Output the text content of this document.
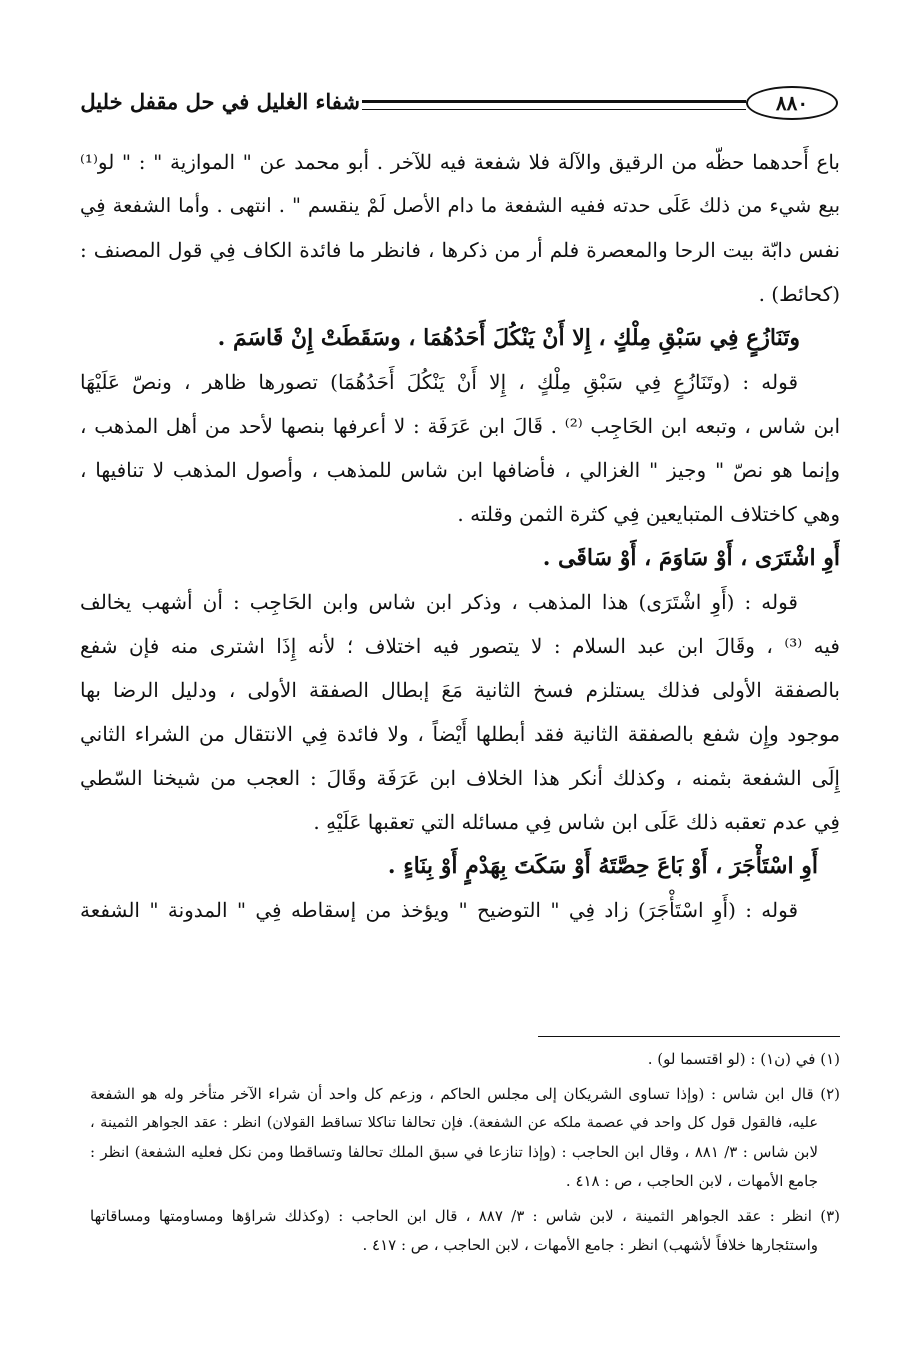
٨٨٠
شفاء الغليل في حل مقفل خليل
باع أَحدهما حظّه من الرقيق والآلة فلا شفعة فيه للآخر . أبو محمد عن " الموازية " : " لو⁽¹⁾
بيع شيء من ذلك عَلَى حدته ففيه الشفعة ما دام الأصل لَمْ ينقسم " . انتهى . وأما الشفعة فِي
نفس دابّة بيت الرحا والمعصرة فلم أر من ذكرها ، فانظر ما فائدة الكاف فِي قول المصنف :
(كحائط) .
وتَنَازُعٍ فِي سَبْقِ مِلْكٍ ، إِلا أَنْ يَنْكُلَ أَحَدُهُمَا ، وسَقَطَتْ إِنْ قَاسَمَ .
قوله : (وتَنَازُعٍ فِي سَبْقِ مِلْكٍ ، إِلا أَنْ يَنْكُلَ أَحَدُهُمَا) تصورها ظاهر ، ونصّ عَلَيْهَا
ابن شاس ، وتبعه ابن الحَاجِب ⁽²⁾ . قَالَ ابن عَرَفَة : لا أعرفها بنصها لأحد من أهل المذهب ،
وإنما هو نصّ " وجيز " الغزالي ، فأضافها ابن شاس للمذهب ، وأصول المذهب لا تنافيها ،
وهي كاختلاف المتبايعين فِي كثرة الثمن وقلته .
أَوِ اشْتَرَى ، أَوْ سَاوَمَ ، أَوْ سَاقَى .
قوله : (أَوِ اشْتَرَى) هذا المذهب ، وذكر ابن شاس وابن الحَاجِب : أن أشهب يخالف
فيه ⁽³⁾ ، وقَالَ ابن عبد السلام : لا يتصور فيه اختلاف ؛ لأنه إِذَا اشترى منه فإن شفع
بالصفقة الأولى فذلك يستلزم فسخ الثانية مَعَ إبطال الصفقة الأولى ، ودليل الرضا بها
موجود وإِن شفع بالصفقة الثانية فقد أبطلها أَيْضاً ، ولا فائدة فِي الانتقال من الشراء الثاني
إِلَى الشفعة بثمنه ، وكذلك أنكر هذا الخلاف ابن عَرَفَة وقَالَ : العجب من شيخنا السّطي
فِي عدم تعقبه ذلك عَلَى ابن شاس فِي مسائله التي تعقبها عَلَيْهِ .
أَوِ اسْتَأْجَرَ ، أَوْ بَاعَ حِصَّتَهُ أَوْ سَكَتَ بِهَدْمٍ أَوْ بِنَاءٍ .
قوله : (أَوِ اسْتَأْجَرَ) زاد فِي " التوضيح " ويؤخذ من إسقاطه فِي " المدونة " الشفعة
(١) في (ن١) : (لو اقتسما لو) .
(٢) قال ابن شاس : (وإذا تساوى الشريكان إلى مجلس الحاكم ، وزعم كل واحد أن شراء الآخر متأخر وله هو الشفعة
عليه، فالقول قول كل واحد في عصمة ملكه عن الشفعة). فإن تحالفا تناكلا تساقط القولان) انظر : عقد الجواهر الثمينة ،
لابن شاس : ٣/ ٨٨١ ، وقال ابن الحاجب : (وإذا تنازعا في سبق الملك تحالفا وتساقطا ومن نكل فعليه الشفعة) انظر :
جامع الأمهات ، لابن الحاجب ، ص : ٤١٨ .
(٣) انظر : عقد الجواهر الثمينة ، لابن شاس : ٣/ ٨٨٧ ، قال ابن الحاجب : (وكذلك شراؤها ومساومتها ومساقاتها
واستئجارها خلافاً لأشهب) انظر : جامع الأمهات ، لابن الحاجب ، ص : ٤١٧ .
